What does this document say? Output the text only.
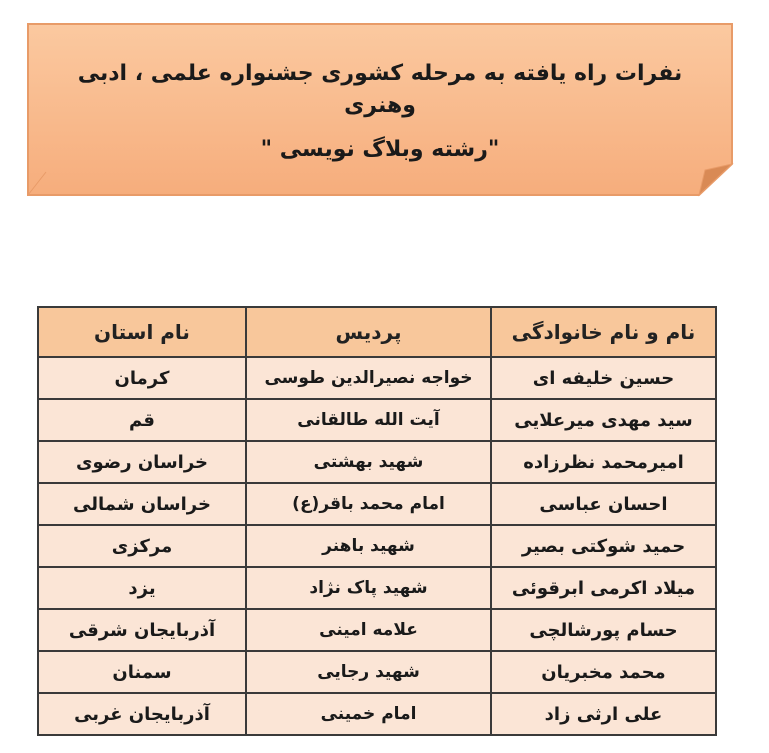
نفرات راه یافته به مرحله کشوری جشنواره علمی ، ادبی وهنری
"رشته وبلاگ نویسی "
نام و نام خانوادگی	پردیس	نام استان
حسین خلیفه ای	خواجه نصیرالدین طوسی	کرمان
سید مهدی میرعلایی	آیت الله طالقانی	قم
امیرمحمد نظرزاده	شهید بهشتی	خراسان رضوی
احسان عباسی	امام محمد باقر(ع)	خراسان شمالی
حمید شوکتی بصیر	شهید باهنر	مرکزی
میلاد اکرمی ابرقوئی	شهید پاک نژاد	یزد
حسام پورشالچی	علامه امینی	آذربایجان شرقی
محمد مخبریان	شهید رجایی	سمنان
علی ارثی زاد	امام خمینی	آذربایجان غربی
